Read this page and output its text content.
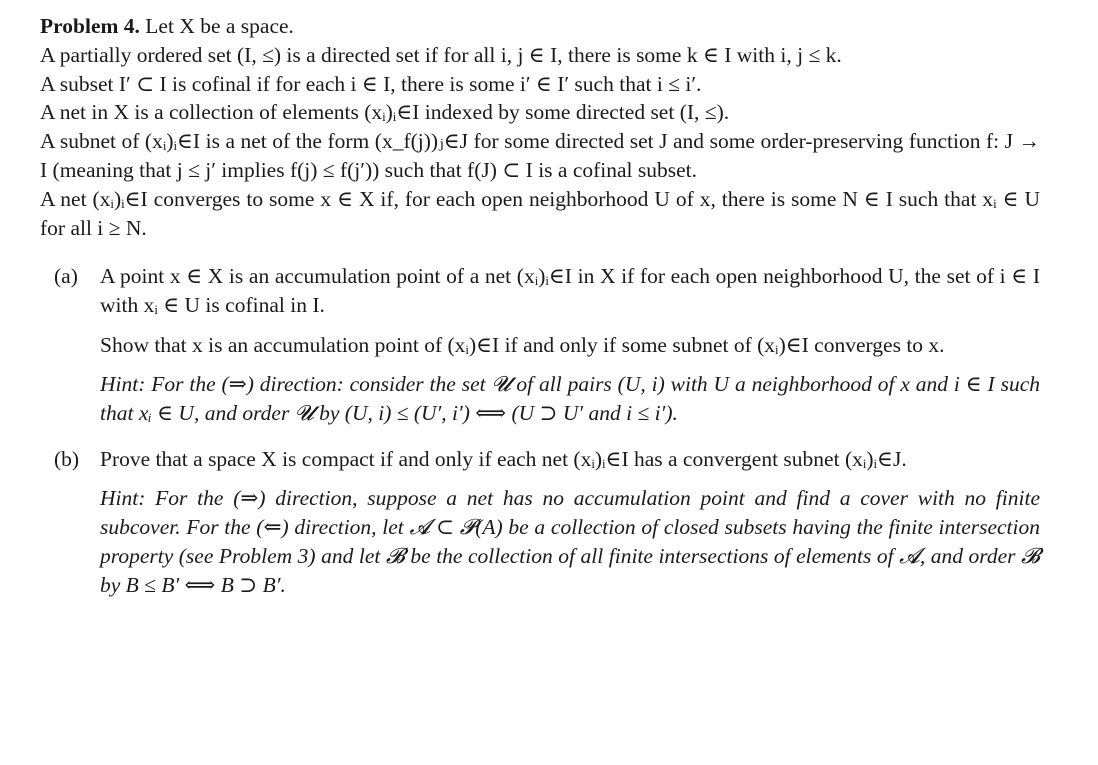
Problem 4. Let X be a space.
A partially ordered set (I, ≤) is a directed set if for all i, j ∈ I, there is some k ∈ I with i, j ≤ k.
A subset I′ ⊂ I is cofinal if for each i ∈ I, there is some i′ ∈ I′ such that i ≤ i′.
A net in X is a collection of elements (xᵢ)ᵢ∈I indexed by some directed set (I, ≤).
A subnet of (xᵢ)ᵢ∈I is a net of the form (x_f(j))ⱼ∈J for some directed set J and some order-preserving function f: J → I (meaning that j ≤ j′ implies f(j) ≤ f(j′)) such that f(J) ⊂ I is a cofinal subset.
A net (xᵢ)ᵢ∈I converges to some x ∈ X if, for each open neighborhood U of x, there is some N ∈ I such that xᵢ ∈ U for all i ≥ N.
(a) A point x ∈ X is an accumulation point of a net (xᵢ)ᵢ∈I in X if for each open neighborhood U, the set of i ∈ I with xᵢ ∈ U is cofinal in I.
Show that x is an accumulation point of (xᵢ)∈I if and only if some subnet of (xᵢ)∈I converges to x.
Hint: For the (⇒) direction: consider the set 𝓤 of all pairs (U, i) with U a neighborhood of x and i ∈ I such that xᵢ ∈ U, and order 𝓤 by (U, i) ≤ (U′, i′) ⟺ (U ⊃ U′ and i ≤ i′).
(b) Prove that a space X is compact if and only if each net (xᵢ)ᵢ∈I has a convergent subnet (xᵢ)ᵢ∈J.
Hint: For the (⇒) direction, suppose a net has no accumulation point and find a cover with no finite subcover. For the (⇐) direction, let 𝓐 ⊂ 𝓟(A) be a collection of closed subsets having the finite intersection property (see Problem 3) and let 𝓑 be the collection of all finite intersections of elements of 𝓐, and order 𝓑 by B ≤ B′ ⟺ B ⊃ B′.
